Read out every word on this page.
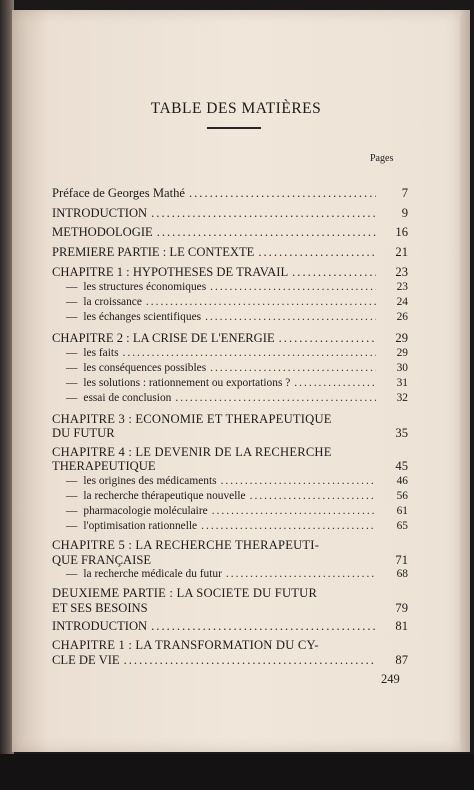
TABLE DES MATIÈRES
Pages
Préface de Georges Mathé .....	7
INTRODUCTION .....	9
METHODOLOGIE .....	16
PREMIERE PARTIE : LE CONTEXTE .....	21
CHAPITRE 1 : HYPOTHESES DE TRAVAIL .....	23
— les structures économiques .....	23
— la croissance .....	24
— les échanges scientifiques .....	26
CHAPITRE 2 : LA CRISE DE L'ENERGIE .....	29
— les faits .....	29
— les conséquences possibles .....	30
— les solutions : rationnement ou exportations ? .....	31
— essai de conclusion .....	32
CHAPITRE 3 : ECONOMIE ET THERAPEUTIQUE
DU FUTUR	35
CHAPITRE 4 : LE DEVENIR DE LA RECHERCHE
THERAPEUTIQUE	45
— les origines des médicaments .....	46
— la recherche thérapeutique nouvelle .....	56
— pharmacologie moléculaire .....	61
— l'optimisation rationnelle .....	65
CHAPITRE 5 : LA RECHERCHE THERAPEUTI-
QUE FRANÇAISE	71
— la recherche médicale du futur .....	68
DEUXIEME PARTIE : LA SOCIETE DU FUTUR
ET SES BESOINS	79
INTRODUCTION .....	81
CHAPITRE 1 : LA TRANSFORMATION DU CY-
CLE DE VIE .....	87
249
